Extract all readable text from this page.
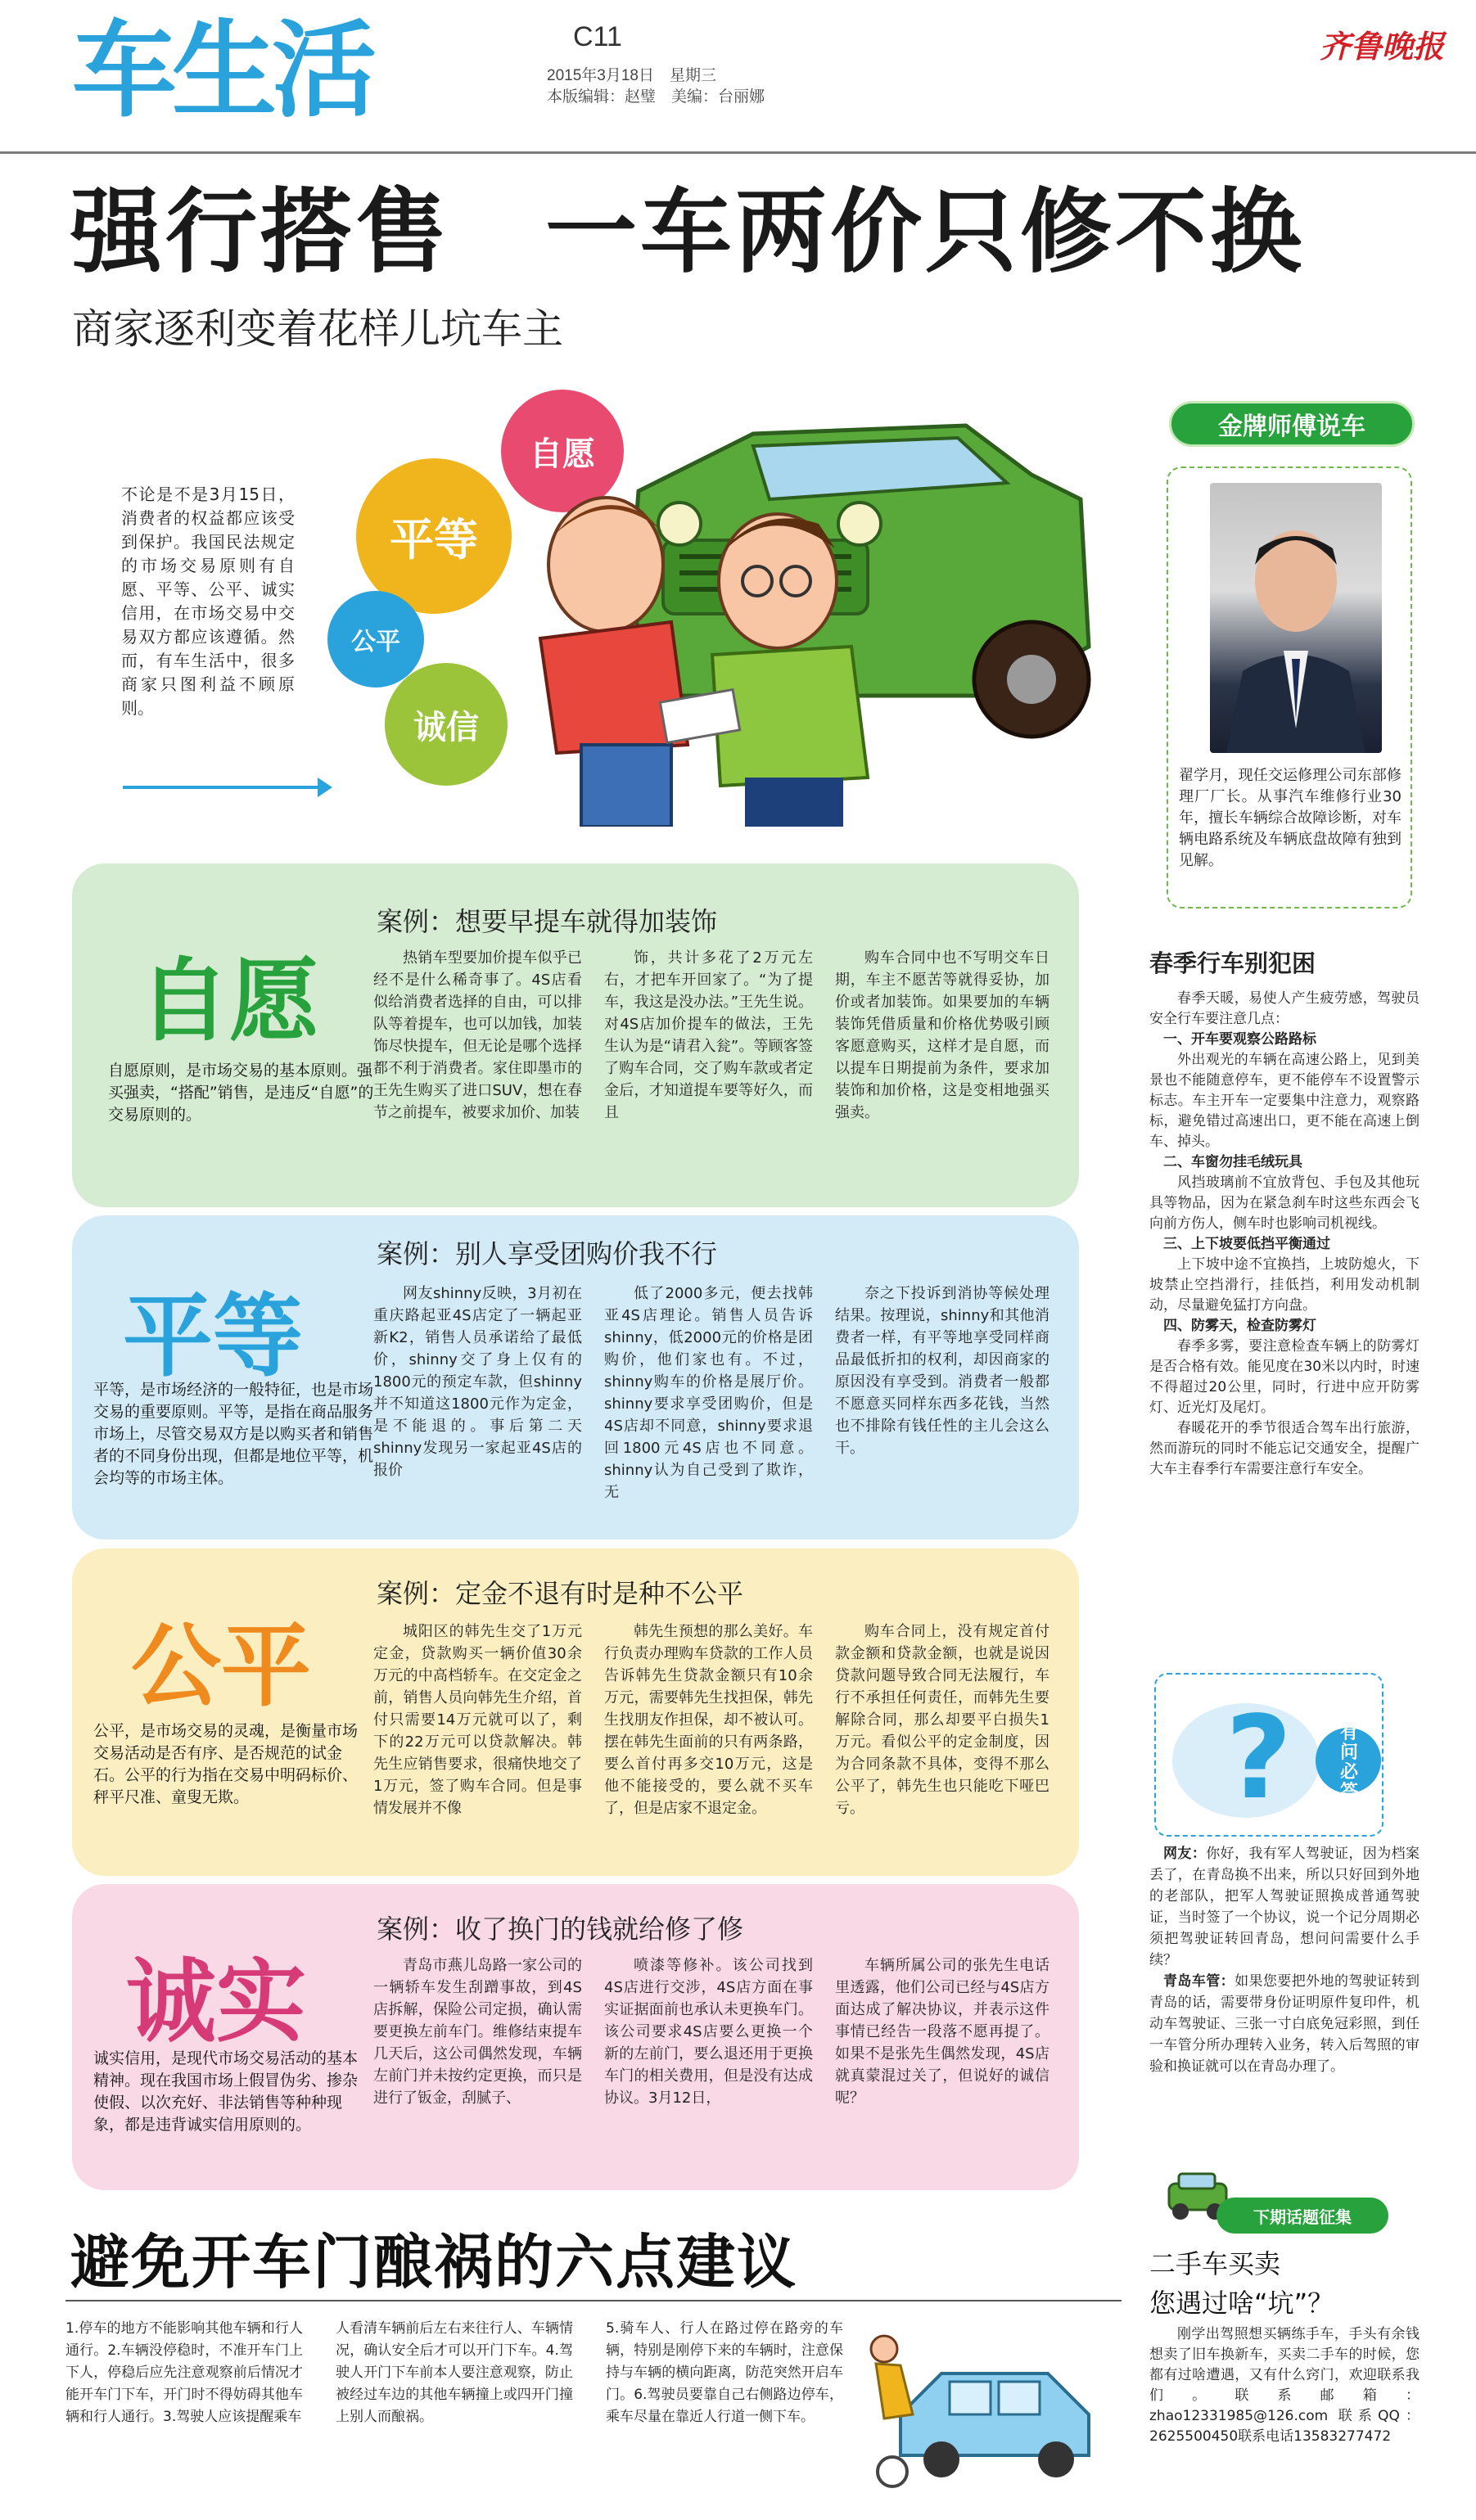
车生活	C11
2015年3月18日　星期三
本版编辑：赵璧　美编：台丽娜
齐鲁晚报
强行搭售　一车两价只修不换
商家逐利变着花样儿坑车主
不论是不是3月15日，消费者的权益都应该受到保护。我国民法规定的市场交易原则有自愿、平等、公平、诚实信用，在市场交易中交易双方都应该遵循。然而，有车生活中，很多商家只图利益不顾原则。
自愿
平等
公平
诚信
金牌师傅说车
翟学月，现任交运修理公司东部修理厂厂长。从事汽车维修行业30年，擅长车辆综合故障诊断，对车辆电路系统及车辆底盘故障有独到见解。
春季行车别犯困

春季天暖，易使人产生疲劳感，驾驶员安全行车要注意几点：

一、开车要观察公路路标

外出观光的车辆在高速公路上，见到美景也不能随意停车，更不能停车不设置警示标志。车主开车一定要集中注意力，观察路标，避免错过高速出口，更不能在高速上倒车、掉头。

二、车窗勿挂毛绒玩具

风挡玻璃前不宜放背包、手包及其他玩具等物品，因为在紧急刹车时这些东西会飞向前方伤人，侧车时也影响司机视线。

三、上下坡要低挡平衡通过

上下坡中途不宜换挡，上坡防熄火，下坡禁止空挡滑行，挂低挡，利用发动机制动，尽量避免猛打方向盘。

四、防雾天，检查防雾灯

春季多雾，要注意检查车辆上的防雾灯是否合格有效。能见度在30米以内时，时速不得超过20公里，同时，行进中应开防雾灯、近光灯及尾灯。

春暖花开的季节很适合驾车出行旅游，然而游玩的同时不能忘记交通安全，提醒广大车主春季行车需要注意行车安全。

?	有问必答

网友：你好，我有军人驾驶证，因为档案丢了，在青岛换不出来，所以只好回到外地的老部队，把军人驾驶证照换成普通驾驶证，当时签了一个协议，说一个记分周期必须把驾驶证转回青岛，想问问需要什么手续？

青岛车管：如果您要把外地的驾驶证转到青岛的话，需要带身份证明原件复印件，机动车驾驶证、三张一寸白底免冠彩照，到任一车管分所办理转入业务，转入后驾照的审验和换证就可以在青岛办理了。

下期话题征集
二手车买卖
您遇过啥“坑”？
刚学出驾照想买辆练手车，手头有余钱想卖了旧车换新车，买卖二手车的时候，您都有过啥遭遇，又有什么窍门，欢迎联系我们。联系邮箱：zhao12331985@126.com 联系QQ：2625500450联系电话13583277472
自愿
自愿原则，是市场交易的基本原则。强买强卖，“搭配”销售，是违反“自愿”的交易原则的。
案例：想要早提车就得加装饰
热销车型要加价提车似乎已经不是什么稀奇事了。4S店看似给消费者选择的自由，可以排队等着提车，也可以加钱，加装饰尽快提车，但无论是哪个选择都不利于消费者。家住即墨市的王先生购买了进口SUV，想在春节之前提车，被要求加价、加装
饰，共计多花了2万元左右，才把车开回家了。“为了提车，我这是没办法。”王先生说。对4S店加价提车的做法，王先生认为是“请君入瓮”。等顾客签了购车合同，交了购车款或者定金后，才知道提车要等好久，而且
购车合同中也不写明交车日期，车主不愿苦等就得妥协，加价或者加装饰。如果要加的车辆装饰凭借质量和价格优势吸引顾客愿意购买，这样才是自愿，而以提车日期提前为条件，要求加装饰和加价格，这是变相地强买强卖。
平等
平等，是市场经济的一般特征，也是市场交易的重要原则。平等，是指在商品服务市场上，尽管交易双方是以购买者和销售者的不同身份出现，但都是地位平等，机会均等的市场主体。
案例：别人享受团购价我不行
网友shinny反映，3月初在重庆路起亚4S店定了一辆起亚新K2，销售人员承诺给了最低价，shinny交了身上仅有的1800元的预定车款，但shinny并不知道这1800元作为定金，是不能退的。事后第二天shinny发现另一家起亚4S店的报价
低了2000多元，便去找韩亚4S店理论。销售人员告诉shinny，低2000元的价格是团购价，他们家也有。不过，shinny购车的价格是展厅价。shinny要求享受团购价，但是4S店却不同意，shinny要求退回1800元4S店也不同意。shinny认为自己受到了欺诈，无
奈之下投诉到消协等候处理结果。按理说，shinny和其他消费者一样，有平等地享受同样商品最低折扣的权利，却因商家的原因没有享受到。消费者一般都不愿意买同样东西多花钱，当然也不排除有钱任性的主儿会这么干。
公平
公平，是市场交易的灵魂，是衡量市场交易活动是否有序、是否规范的试金石。公平的行为指在交易中明码标价、秤平尺准、童叟无欺。
案例：定金不退有时是种不公平
城阳区的韩先生交了1万元定金，贷款购买一辆价值30余万元的中高档轿车。在交定金之前，销售人员向韩先生介绍，首付只需要14万元就可以了，剩下的22万元可以贷款解决。韩先生应销售要求，很痛快地交了1万元，签了购车合同。但是事情发展并不像
韩先生预想的那么美好。车行负责办理购车贷款的工作人员告诉韩先生贷款金额只有10余万元，需要韩先生找担保，韩先生找朋友作担保，却不被认可。摆在韩先生面前的只有两条路，要么首付再多交10万元，这是他不能接受的，要么就不买车了，但是店家不退定金。
购车合同上，没有规定首付款金额和贷款金额，也就是说因贷款问题导致合同无法履行，车行不承担任何责任，而韩先生要解除合同，那么却要平白损失1万元。看似公平的定金制度，因为合同条款不具体，变得不那么公平了，韩先生也只能吃下哑巴亏。
诚实
诚实信用，是现代市场交易活动的基本精神。现在我国市场上假冒伪劣、掺杂使假、以次充好、非法销售等种种现象，都是违背诚实信用原则的。
案例：收了换门的钱就给修了修
青岛市燕儿岛路一家公司的一辆轿车发生刮蹭事故，到4S店拆解，保险公司定损，确认需要更换左前车门。维修结束提车几天后，这公司偶然发现，车辆左前门并未按约定更换，而只是进行了钣金，刮腻子、
喷漆等修补。该公司找到4S店进行交涉，4S店方面在事实证据面前也承认未更换车门。该公司要求4S店要么更换一个新的左前门，要么退还用于更换车门的相关费用，但是没有达成协议。3月12日，
车辆所属公司的张先生电话里透露，他们公司已经与4S店方面达成了解决协议，并表示这件事情已经告一段落不愿再提了。如果不是张先生偶然发现，4S店就真蒙混过关了，但说好的诚信呢？
避免开车门酿祸的六点建议
1.停车的地方不能影响其他车辆和行人通行。2.车辆没停稳时，不准开车门上下人，停稳后应先注意观察前后情况才能开车门下车，开门时不得妨碍其他车辆和行人通行。3.驾驶人应该提醒乘车
人看清车辆前后左右来往行人、车辆情况，确认安全后才可以开门下车。4.驾驶人开门下车前本人要注意观察，防止被经过车边的其他车辆撞上或四开门撞上别人而酿祸。
5.骑车人、行人在路过停在路旁的车辆，特别是刚停下来的车辆时，注意保持与车辆的横向距离，防范突然开启车门。6.驾驶员要靠自己右侧路边停车，乘车尽量在靠近人行道一侧下车。
